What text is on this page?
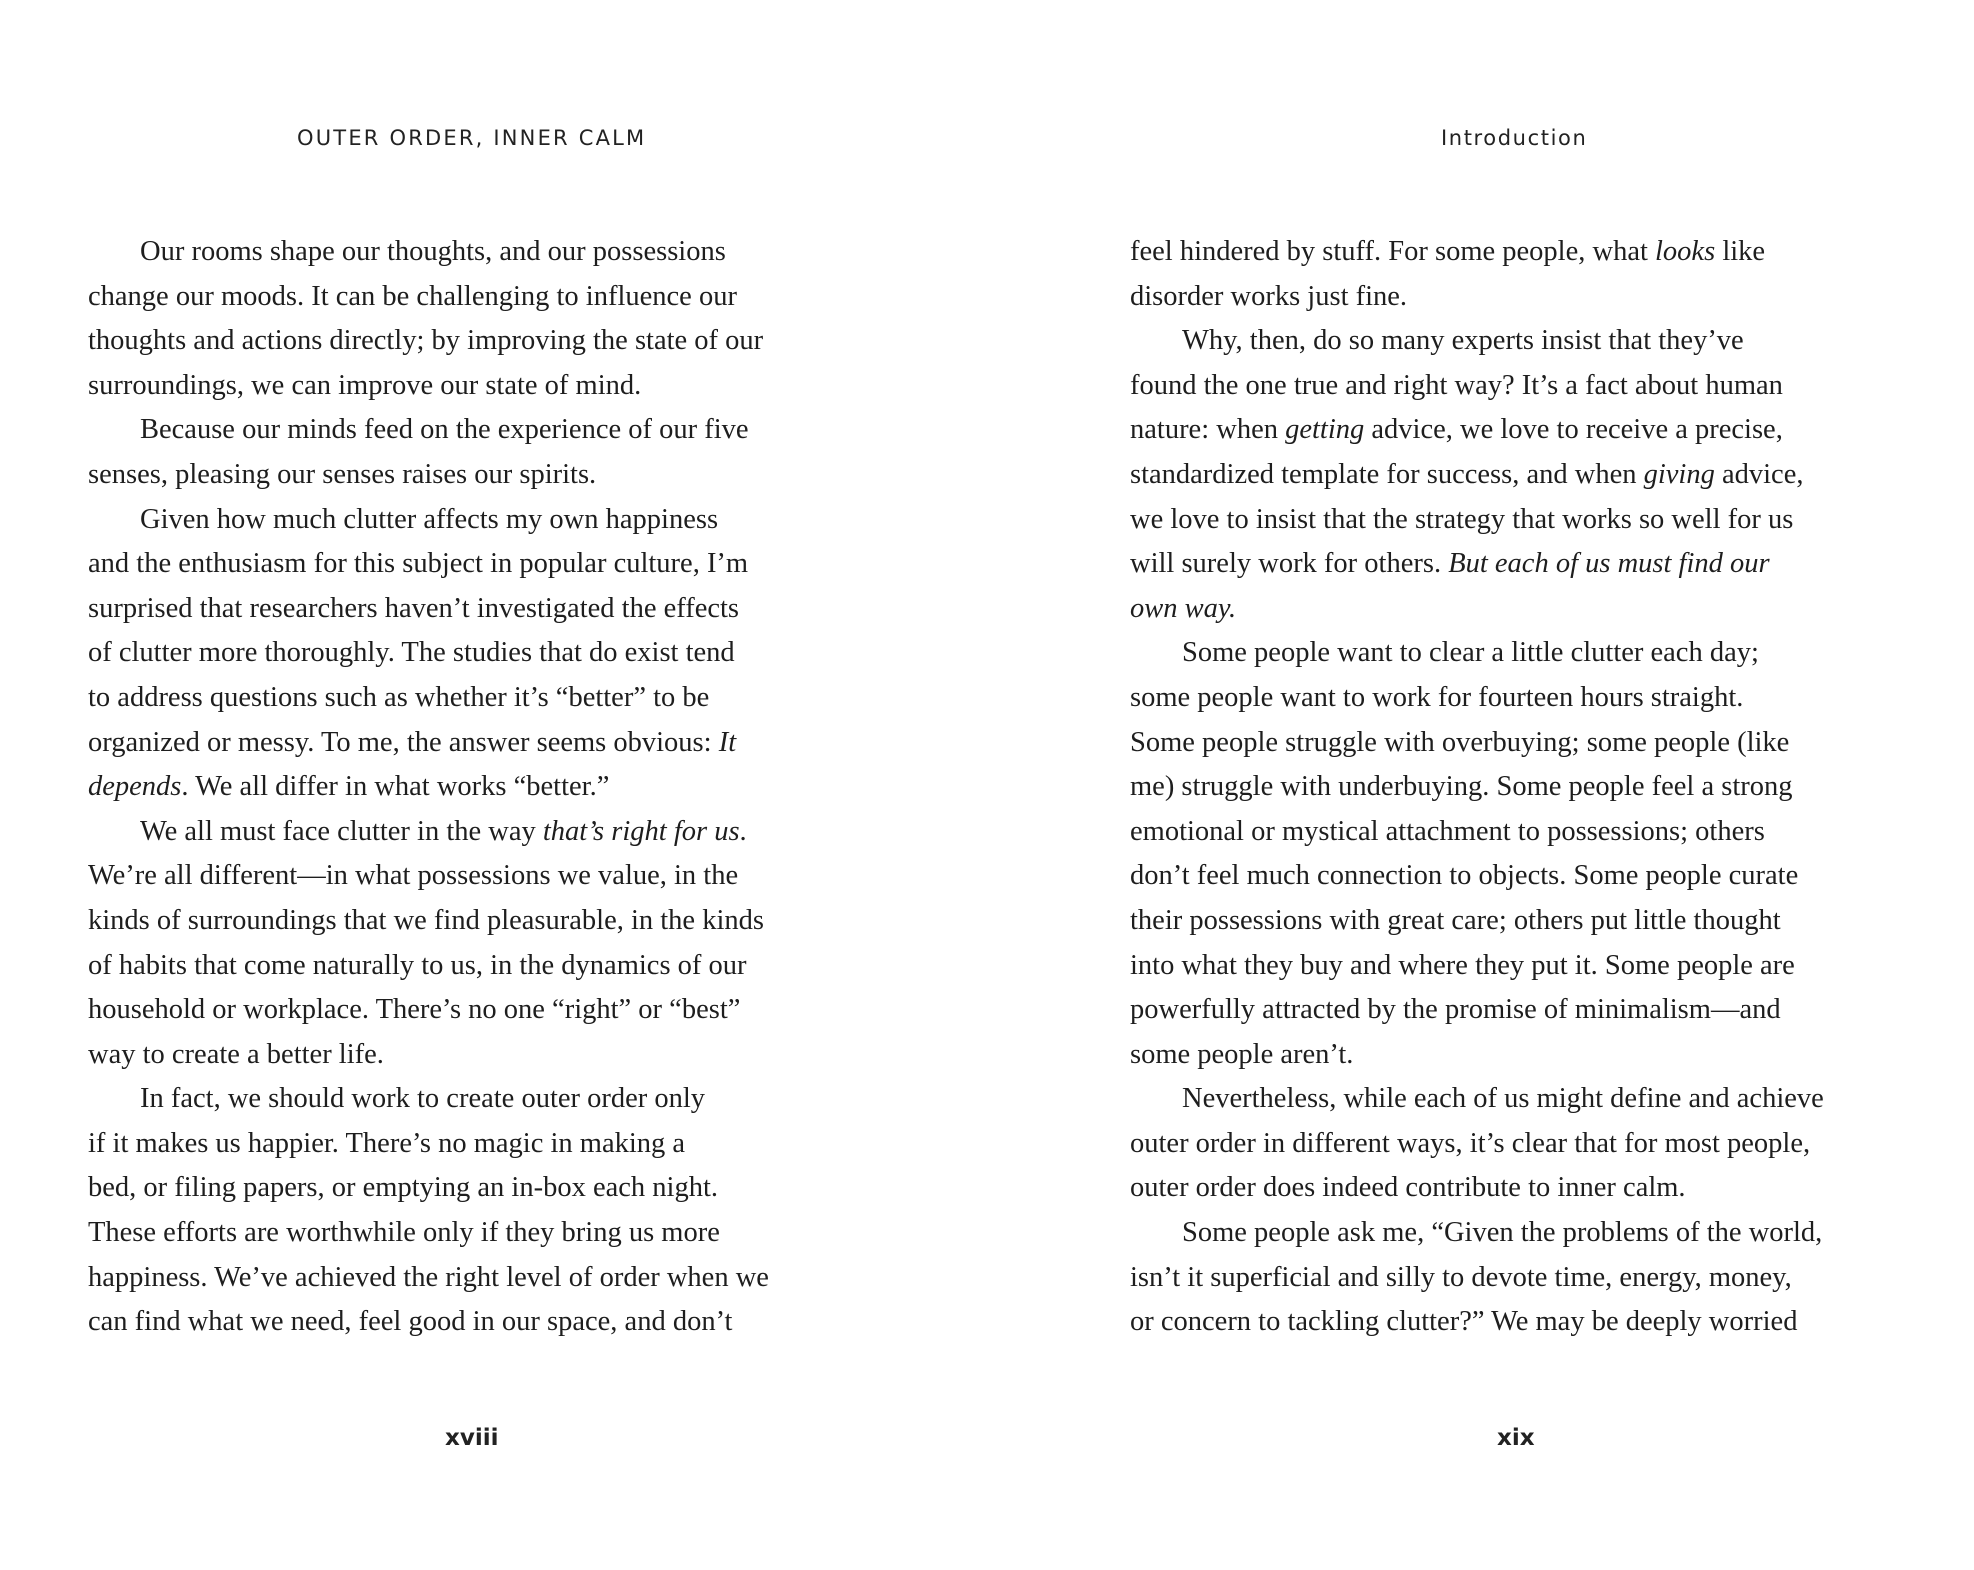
OUTER ORDER, INNER CALM
Our rooms shape our thoughts, and our possessions
change our moods. It can be challenging to influence our
thoughts and actions directly; by improving the state of our
surroundings, we can improve our state of mind.
Because our minds feed on the experience of our five
senses, pleasing our senses raises our spirits.
Given how much clutter affects my own happiness
and the enthusiasm for this subject in popular culture, I’m
surprised that researchers haven’t investigated the effects
of clutter more thoroughly. The studies that do exist tend
to address questions such as whether it’s “better” to be
organized or messy. To me, the answer seems obvious: It
depends. We all differ in what works “better.”
We all must face clutter in the way that’s right for us.
We’re all different—in what possessions we value, in the
kinds of surroundings that we find pleasurable, in the kinds
of habits that come naturally to us, in the dynamics of our
household or workplace. There’s no one “right” or “best”
way to create a better life.
In fact, we should work to create outer order only
if it makes us happier. There’s no magic in making a
bed, or filing papers, or emptying an in-box each night.
These efforts are worthwhile only if they bring us more
happiness. We’ve achieved the right level of order when we
can find what we need, feel good in our space, and don’t
xviii
Introduction
feel hindered by stuff. For some people, what looks like
disorder works just fine.
Why, then, do so many experts insist that they’ve
found the one true and right way? It’s a fact about human
nature: when getting advice, we love to receive a precise,
standardized template for success, and when giving advice,
we love to insist that the strategy that works so well for us
will surely work for others. But each of us must find our
own way.
Some people want to clear a little clutter each day;
some people want to work for fourteen hours straight.
Some people struggle with overbuying; some people (like
me) struggle with underbuying. Some people feel a strong
emotional or mystical attachment to possessions; others
don’t feel much connection to objects. Some people curate
their possessions with great care; others put little thought
into what they buy and where they put it. Some people are
powerfully attracted by the promise of minimalism—and
some people aren’t.
Nevertheless, while each of us might define and achieve
outer order in different ways, it’s clear that for most people,
outer order does indeed contribute to inner calm.
Some people ask me, “Given the problems of the world,
isn’t it superficial and silly to devote time, energy, money,
or concern to tackling clutter?” We may be deeply worried
xix
